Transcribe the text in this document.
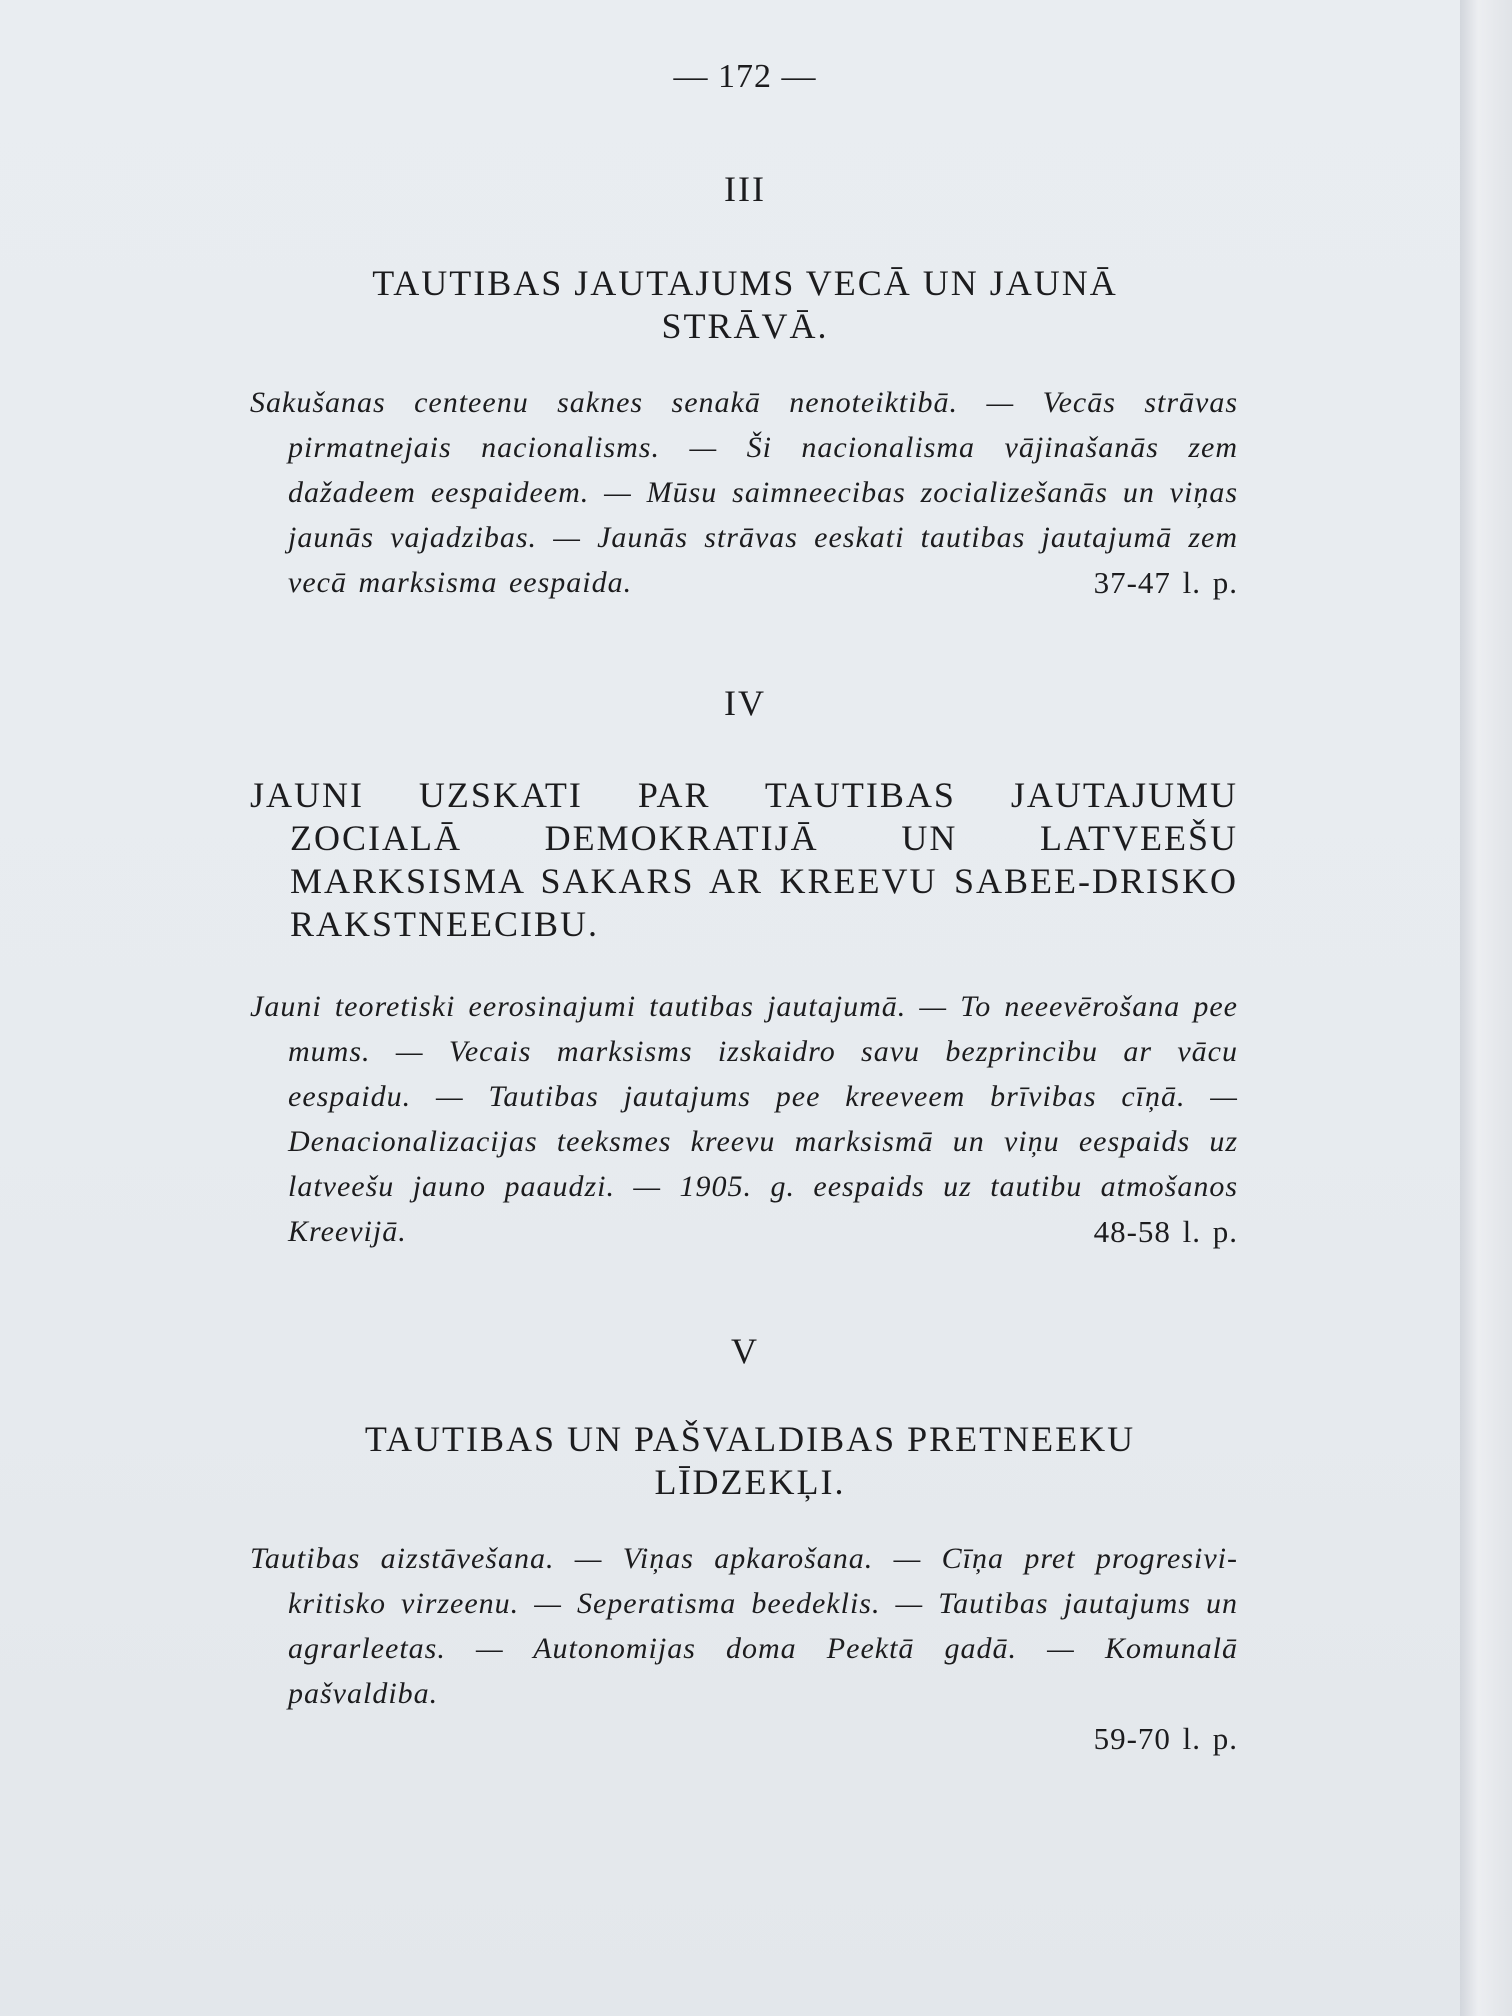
— 172 —
III
TAUTIBAS JAUTAJUMS VECĀ UN JAUNĀ STRĀVĀ.

Sakušanas centeenu saknes senakā nenoteiktibā. — Vecās strāvas pirmatnejais nacionalisms. — Ši nacionalisma vājinašanās zem dažadeem eespaideem. — Mūsu saimneecibas zocializešanās un viņas jaunās vajadzibas. — Jaunās strāvas eeskati tautibas jautajumā zem vecā marksisma eespaida.	37-47 l. p.

IV
JAUNI UZSKATI PAR TAUTIBAS JAUTAJUMU ZOCIALĀ DEMOKRATIJĀ UN LATVEEŠU MARKSISMA SAKARS AR KREEVU SABEE-DRISKO RAKSTNEECIBU.

Jauni teoretiski eerosinajumi tautibas jautajumā. — To neeevērošana pee mums. — Vecais marksisms izskaidro savu bezprincibu ar vācu eespaidu. — Tautibas jautajums pee kreeveem brīvibas cīņā. — Denacionalizacijas teeksmes kreevu marksismā un viņu eespaids uz latveešu jauno paaudzi. — 1905. g. eespaids uz tautibu atmošanos Kreevijā.	48-58 l. p.

V
TAUTIBAS UN PAŠVALDIBAS PRETNEEKU LĪDZEKĻI.

Tautibas aizstāvešana. — Viņas apkarošana. — Cīņa pret progresivi-kritisko virzeenu. — Seperatisma beedeklis. — Tautibas jautajums un agrarleetas. — Autonomijas doma Peektā gadā. — Komunalā pašvaldiba.

59-70 l. p.
